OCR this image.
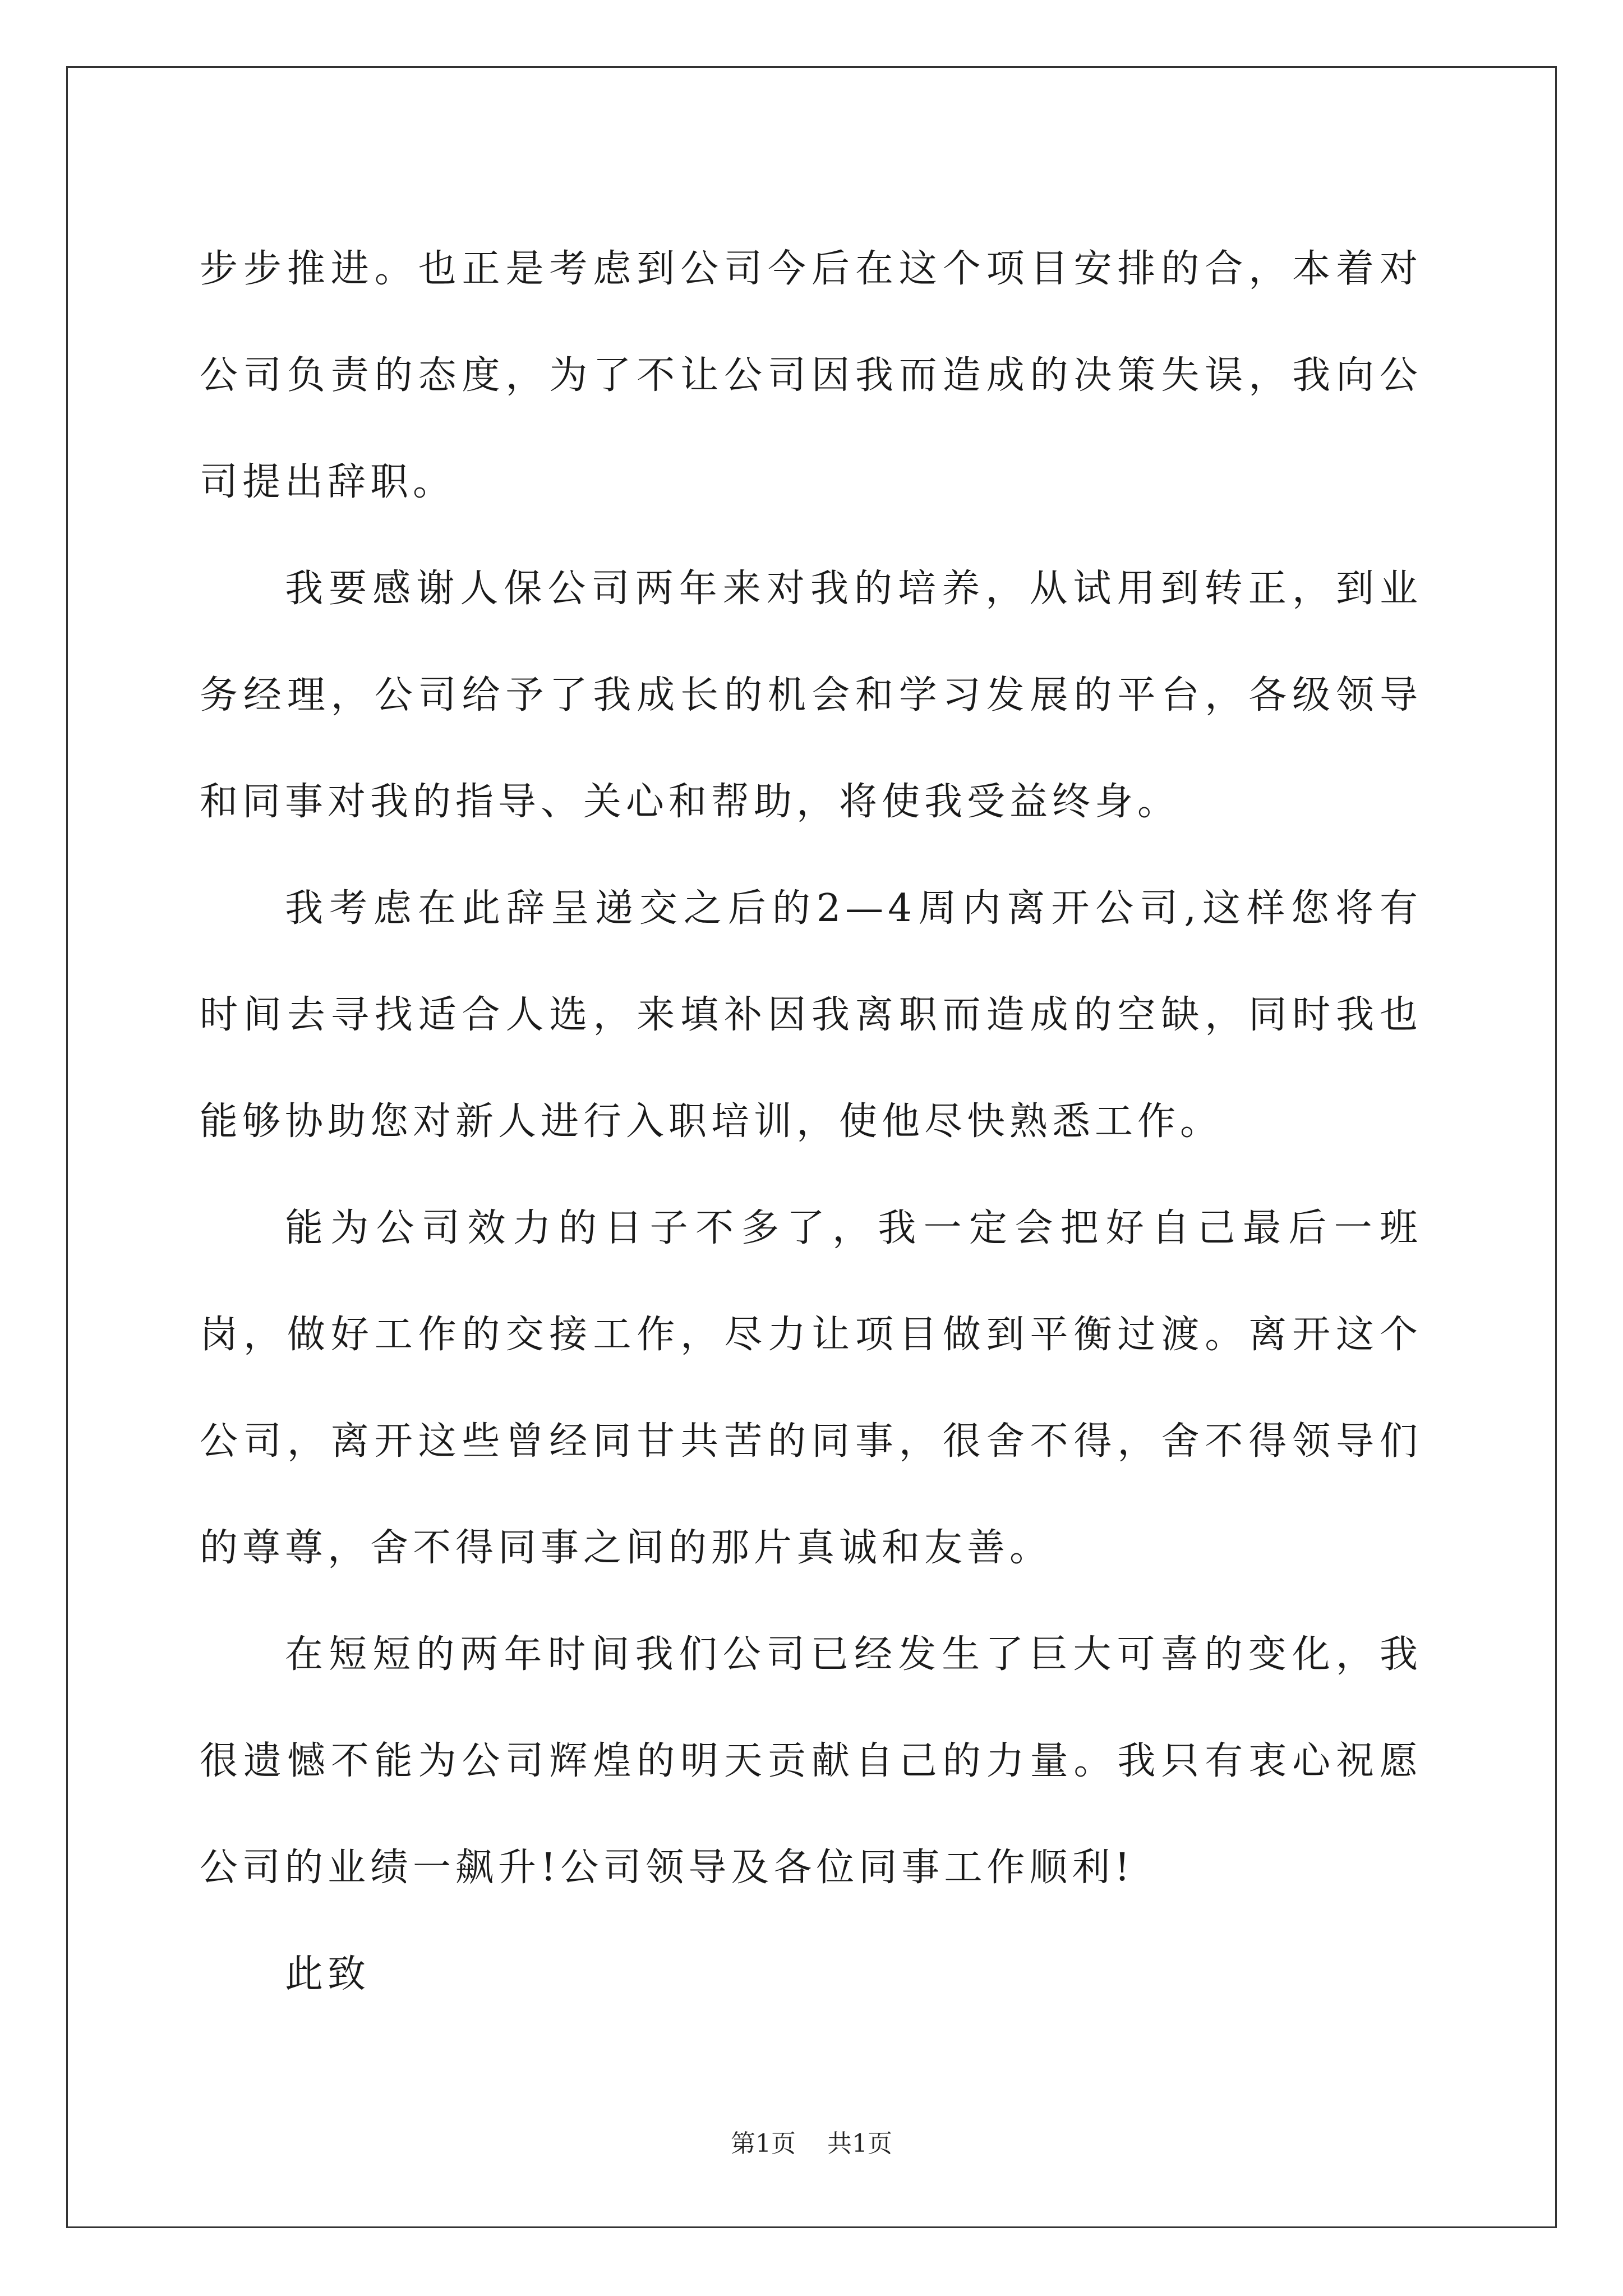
步步推进。也正是考虑到公司今后在这个项目安排的合，本着对公司负责的态度，为了不让公司因我而造成的决策失误，我向公司提出辞职。

我要感谢人保公司两年来对我的培养，从试用到转正，到业务经理，公司给予了我成长的机会和学习发展的平台，各级领导和同事对我的指导、关心和帮助，将使我受益终身。

我考虑在此辞呈递交之后的2—4周内离开公司,这样您将有时间去寻找适合人选，来填补因我离职而造成的空缺，同时我也能够协助您对新人进行入职培训，使他尽快熟悉工作。

能为公司效力的日子不多了，我一定会把好自己最后一班岗，做好工作的交接工作，尽力让项目做到平衡过渡。离开这个公司，离开这些曾经同甘共苦的同事，很舍不得，舍不得领导们的尊尊，舍不得同事之间的那片真诚和友善。

在短短的两年时间我们公司已经发生了巨大可喜的变化，我很遗憾不能为公司辉煌的明天贡献自己的力量。我只有衷心祝愿公司的业绩一飙升!公司领导及各位同事工作顺利!

此致

第1页 共1页
